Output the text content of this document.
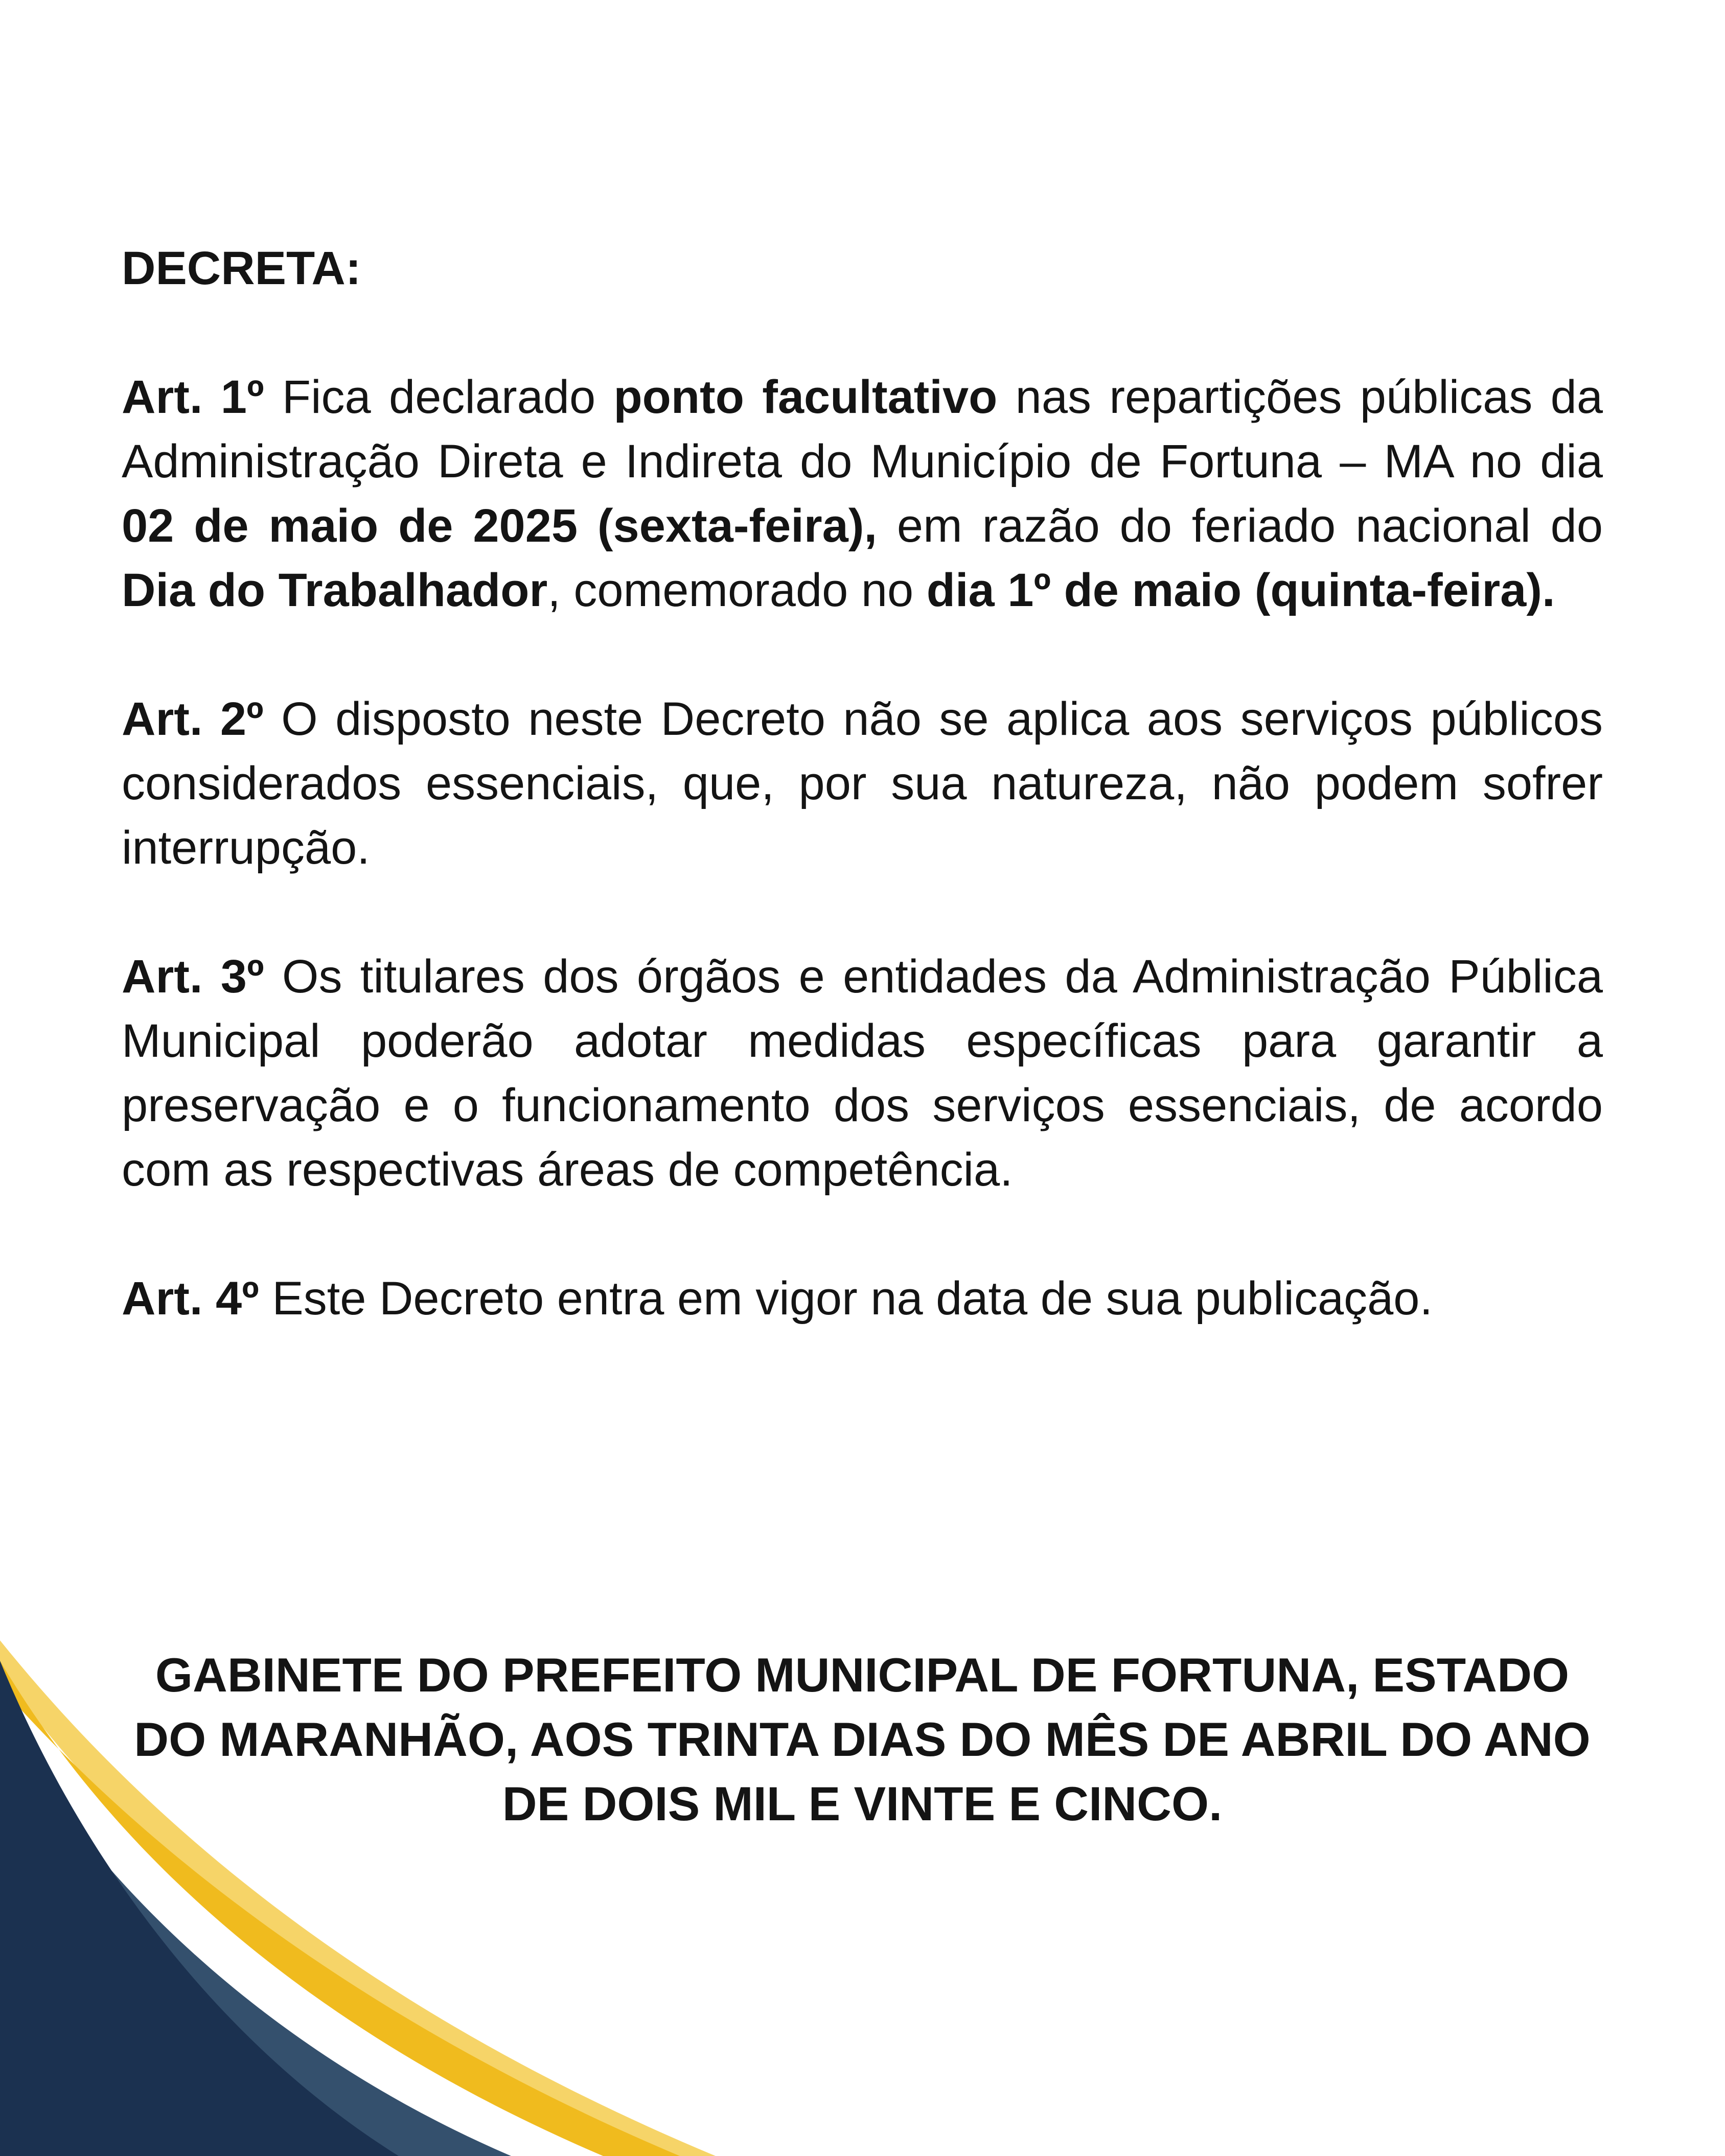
DECRETA:

Art. 1º Fica declarado ponto facultativo nas repartições públicas da Administração Direta e Indireta do Município de Fortuna – MA no dia 02 de maio de 2025 (sexta-feira), em razão do feriado nacional do Dia do Trabalhador, comemorado no dia 1º de maio (quinta-feira).

Art. 2º O disposto neste Decreto não se aplica aos serviços públicos considerados essenciais, que, por sua natureza, não podem sofrer interrupção.

Art. 3º Os titulares dos órgãos e entidades da Administração Pública Municipal poderão adotar medidas específicas para garantir a preservação e o funcionamento dos serviços essenciais, de acordo com as respectivas áreas de competência.

Art. 4º Este Decreto entra em vigor na data de sua publicação.

GABINETE DO PREFEITO MUNICIPAL DE FORTUNA, ESTADO DO MARANHÃO, AOS TRINTA DIAS DO MÊS DE ABRIL DO ANO DE DOIS MIL E VINTE E CINCO.
